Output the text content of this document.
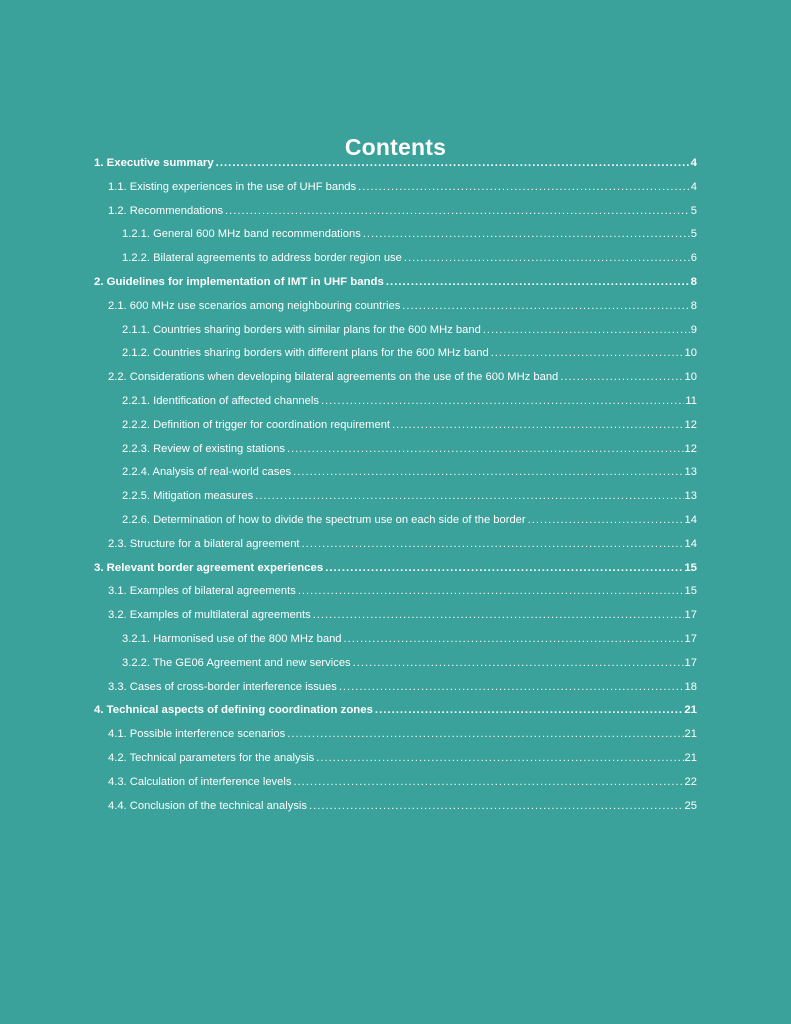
Contents
1. Executive summary .....	4
1.1. Existing experiences in the use of UHF bands .....	4
1.2. Recommendations .....	5
1.2.1. General 600 MHz band recommendations .....	5
1.2.2. Bilateral agreements to address border region use .....	6
2. Guidelines for implementation of IMT in UHF bands .....	8
2.1. 600 MHz use scenarios among neighbouring countries .....	8
2.1.1. Countries sharing borders with similar plans for the 600 MHz band .....	9
2.1.2. Countries sharing borders with different plans for the 600 MHz band .....	10
2.2. Considerations when developing bilateral agreements on the use of the 600 MHz band .....	10
2.2.1. Identification of affected channels .....	11
2.2.2. Definition of trigger for coordination requirement .....	12
2.2.3. Review of existing stations .....	12
2.2.4. Analysis of real-world cases .....	13
2.2.5. Mitigation measures .....	13
2.2.6. Determination of how to divide the spectrum use on each side of the border .....	14
2.3. Structure for a bilateral agreement .....	14
3. Relevant border agreement experiences .....	15
3.1. Examples of bilateral agreements .....	15
3.2. Examples of multilateral agreements .....	17
3.2.1. Harmonised use of the 800 MHz band .....	17
3.2.2. The GE06 Agreement and new services .....	17
3.3. Cases of cross-border interference issues .....	18
4. Technical aspects of defining coordination zones .....	21
4.1. Possible interference scenarios .....	21
4.2. Technical parameters for the analysis .....	21
4.3. Calculation of interference levels .....	22
4.4. Conclusion of the technical analysis .....	25
